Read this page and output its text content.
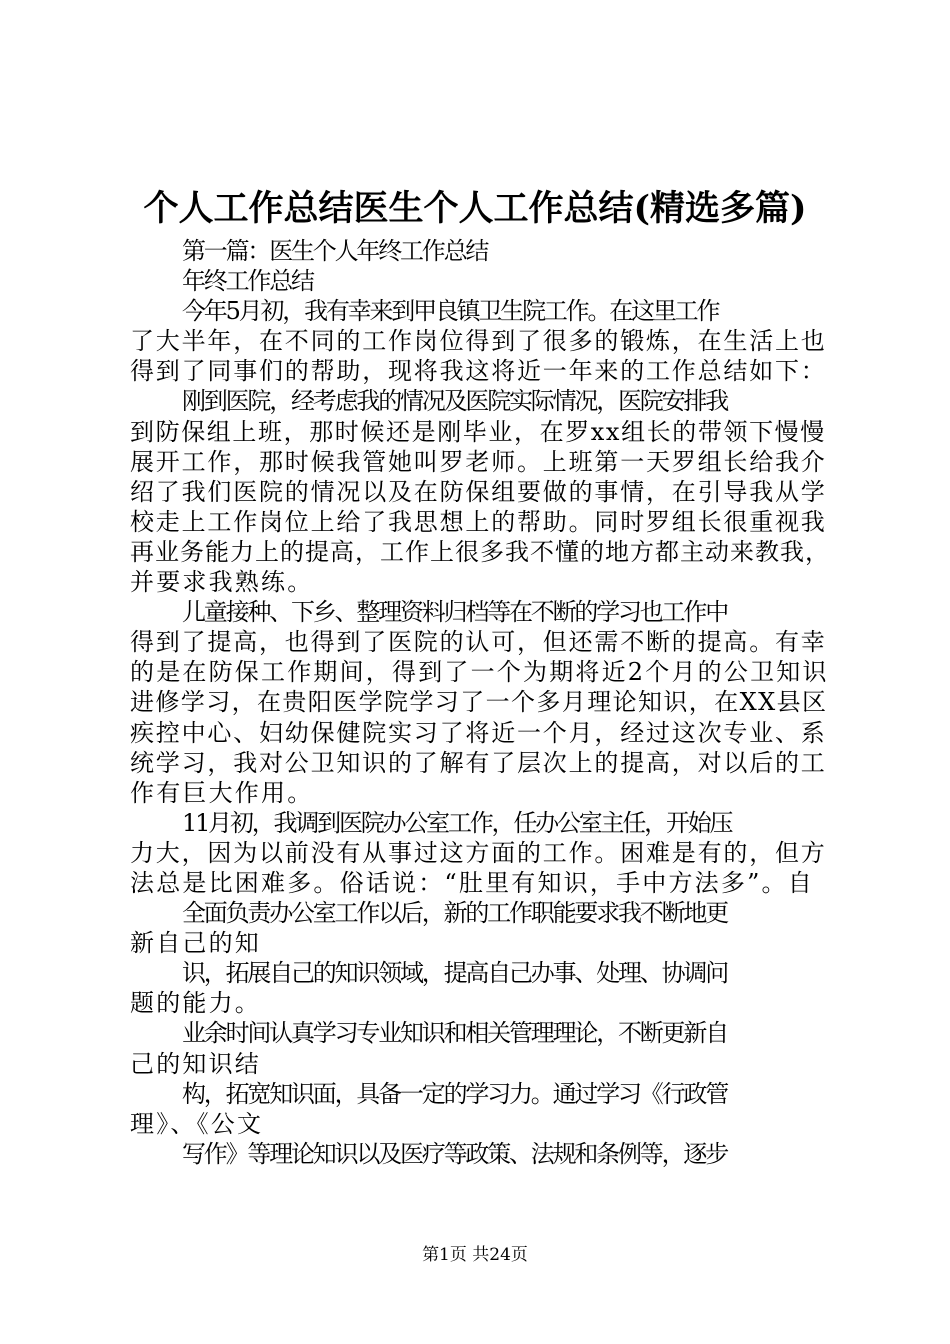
个人工作总结医生个人工作总结(精选多篇)
第一篇：医生个人年终工作总结
年终工作总结
今年5月初，我有幸来到甲良镇卫生院工作。在这里工作
了大半年，在不同的工作岗位得到了很多的锻炼，在生活上也
得到了同事们的帮助，现将我这将近一年来的工作总结如下：
刚到医院，经考虑我的情况及医院实际情况，医院安排我
到防保组上班，那时候还是刚毕业，在罗xx组长的带领下慢慢
展开工作，那时候我管她叫罗老师。上班第一天罗组长给我介
绍了我们医院的情况以及在防保组要做的事情，在引导我从学
校走上工作岗位上给了我思想上的帮助。同时罗组长很重视我
再业务能力上的提高，工作上很多我不懂的地方都主动来教我，
并要求我熟练。
儿童接种、下乡、整理资料归档等在不断的学习也工作中
得到了提高，也得到了医院的认可，但还需不断的提高。有幸
的是在防保工作期间，得到了一个为期将近2个月的公卫知识
进修学习，在贵阳医学院学习了一个多月理论知识，在XX县区
疾控中心、妇幼保健院实习了将近一个月，经过这次专业、系
统学习，我对公卫知识的了解有了层次上的提高，对以后的工
作有巨大作用。
11月初，我调到医院办公室工作，任办公室主任，开始压
力大，因为以前没有从事过这方面的工作。困难是有的，但方
法总是比困难多。俗话说：“肚里有知识，手中方法多”。自
全面负责办公室工作以后，新的工作职能要求我不断地更
新自己的知
识，拓展自己的知识领域，提高自己办事、处理、协调问
题的能力。
业余时间认真学习专业知识和相关管理理论，不断更新自
己的知识结
构，拓宽知识面，具备一定的学习力。通过学习《行政管
理》、《公文
写作》等理论知识以及医疗等政策、法规和条例等，逐步
第1页 共24页
